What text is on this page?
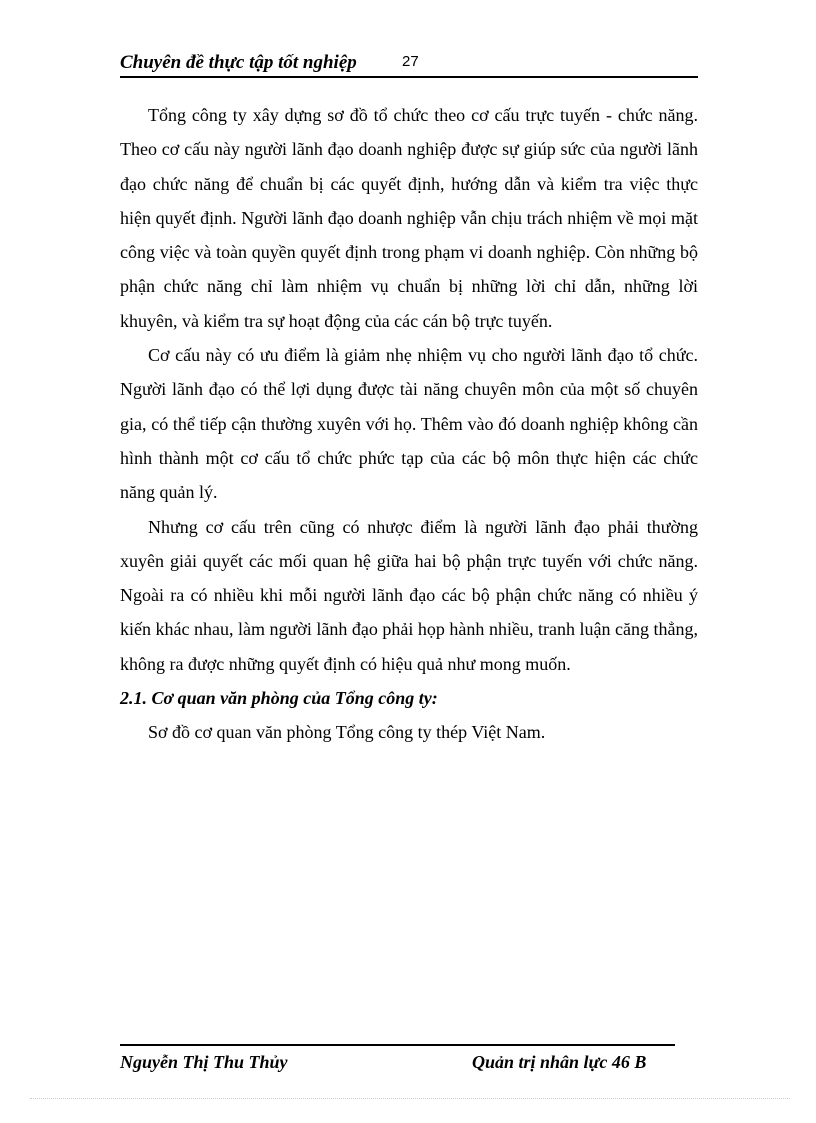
Chuyên đề thực tập tốt nghiệp	27

Tổng công ty xây dựng sơ đồ tổ chức theo cơ cấu trực tuyến - chức năng. Theo cơ cấu này người lãnh đạo doanh nghiệp được sự giúp sức của người lãnh đạo chức năng để chuẩn bị các quyết định, hướng dẫn và kiểm tra việc thực hiện quyết định. Người lãnh đạo doanh nghiệp vẫn chịu trách nhiệm về mọi mặt công việc và toàn quyền quyết định trong phạm vi doanh nghiệp. Còn những bộ phận chức năng chỉ làm nhiệm vụ chuẩn bị những lời chỉ dẫn, những lời khuyên, và kiểm tra sự hoạt động của các cán bộ trực tuyến.

Cơ cấu này có ưu điểm là giảm nhẹ nhiệm vụ cho người lãnh đạo tổ chức. Người lãnh đạo có thể lợi dụng được tài năng chuyên môn của một số chuyên gia, có thể tiếp cận thường xuyên với họ. Thêm vào đó doanh nghiệp không cần hình thành một cơ cấu tổ chức phức tạp của các bộ môn thực hiện các chức năng quản lý.

Nhưng cơ cấu trên cũng có nhược điểm là người lãnh đạo phải thường xuyên giải quyết các mối quan hệ giữa hai bộ phận trực tuyến với chức năng. Ngoài ra có nhiều khi mỗi người lãnh đạo các bộ phận chức năng có nhiều ý kiến khác nhau, làm người lãnh đạo phải họp hành nhiều, tranh luận căng thẳng, không ra được những quyết định có hiệu quả như mong muốn.

2.1. Cơ quan văn phòng của Tổng công ty:

Sơ đồ cơ quan văn phòng Tổng công ty thép Việt Nam.

Nguyễn Thị Thu Thủy	Quản trị nhân lực 46 B
